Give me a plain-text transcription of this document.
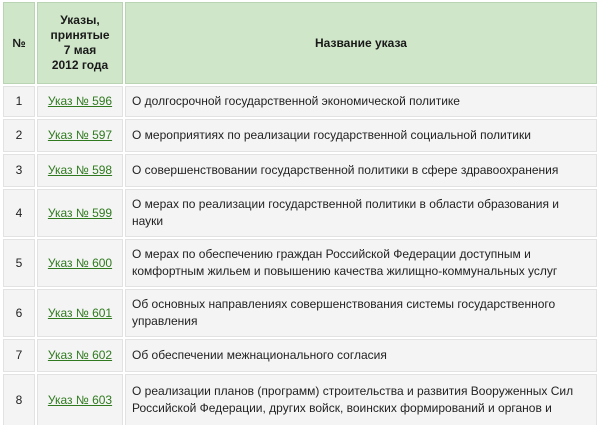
№	Указы,
принятые
7 мая
2012 года	Название указа
1	Указ № 596	О долгосрочной государственной экономической политике
2	Указ № 597	О мероприятиях по реализации государственной социальной политики
3	Указ № 598	О совершенствовании государственной политики в сфере здравоохранения
4	Указ № 599	О мерах по реализации государственной политики в области образования и науки
5	Указ № 600	О мерах по обеспечению граждан Российской Федерации доступным и комфортным жильем и повышению качества жилищно-коммунальных услуг
6	Указ № 601	Об основных направлениях совершенствования системы государственного управления
7	Указ № 602	Об обеспечении межнационального согласия
8	Указ № 603	О реализации планов (программ) строительства и развития Вооруженных Сил Российской Федерации, других войск, воинских формирований и органов и
